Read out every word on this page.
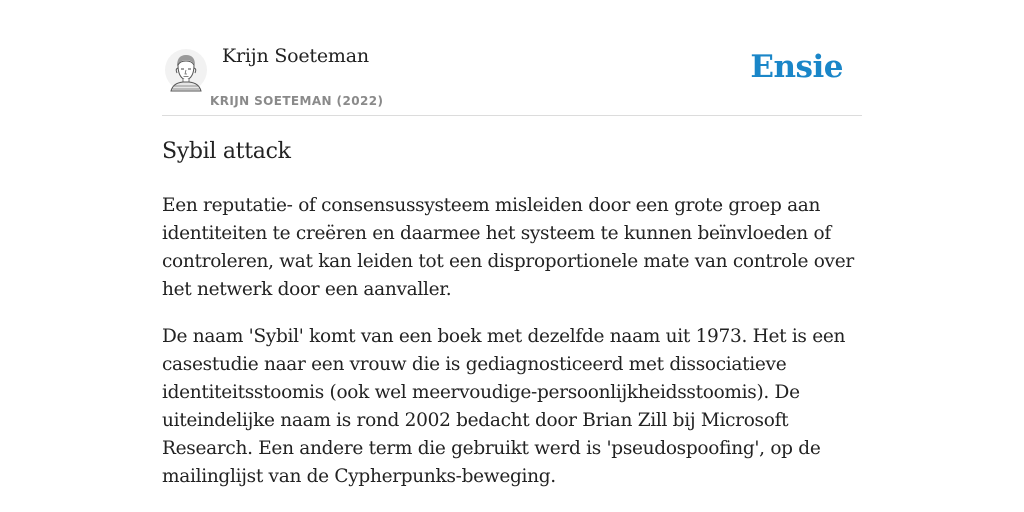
Krijn Soeteman
KRIJN SOETEMAN (2022)
Ensie
Sybil attack

Een reputatie- of consensussysteem misleiden door een grote groep aan identiteiten te creëren en daarmee het systeem te kunnen beïnvloeden of controleren, wat kan leiden tot een disproportionele mate van controle over het netwerk door een aanvaller.

De naam 'Sybil' komt van een boek met dezelfde naam uit 1973. Het is een casestudie naar een vrouw die is gediagnosticeerd met dissociatieve identiteitsstoomis (ook wel meervoudige-persoonlijkheidsstoomis). De uiteindelijke naam is rond 2002 bedacht door Brian Zill bij Microsoft Research. Een andere term die gebruikt werd is 'pseudospoofing', op de mailinglijst van de Cypherpunks-beweging.
